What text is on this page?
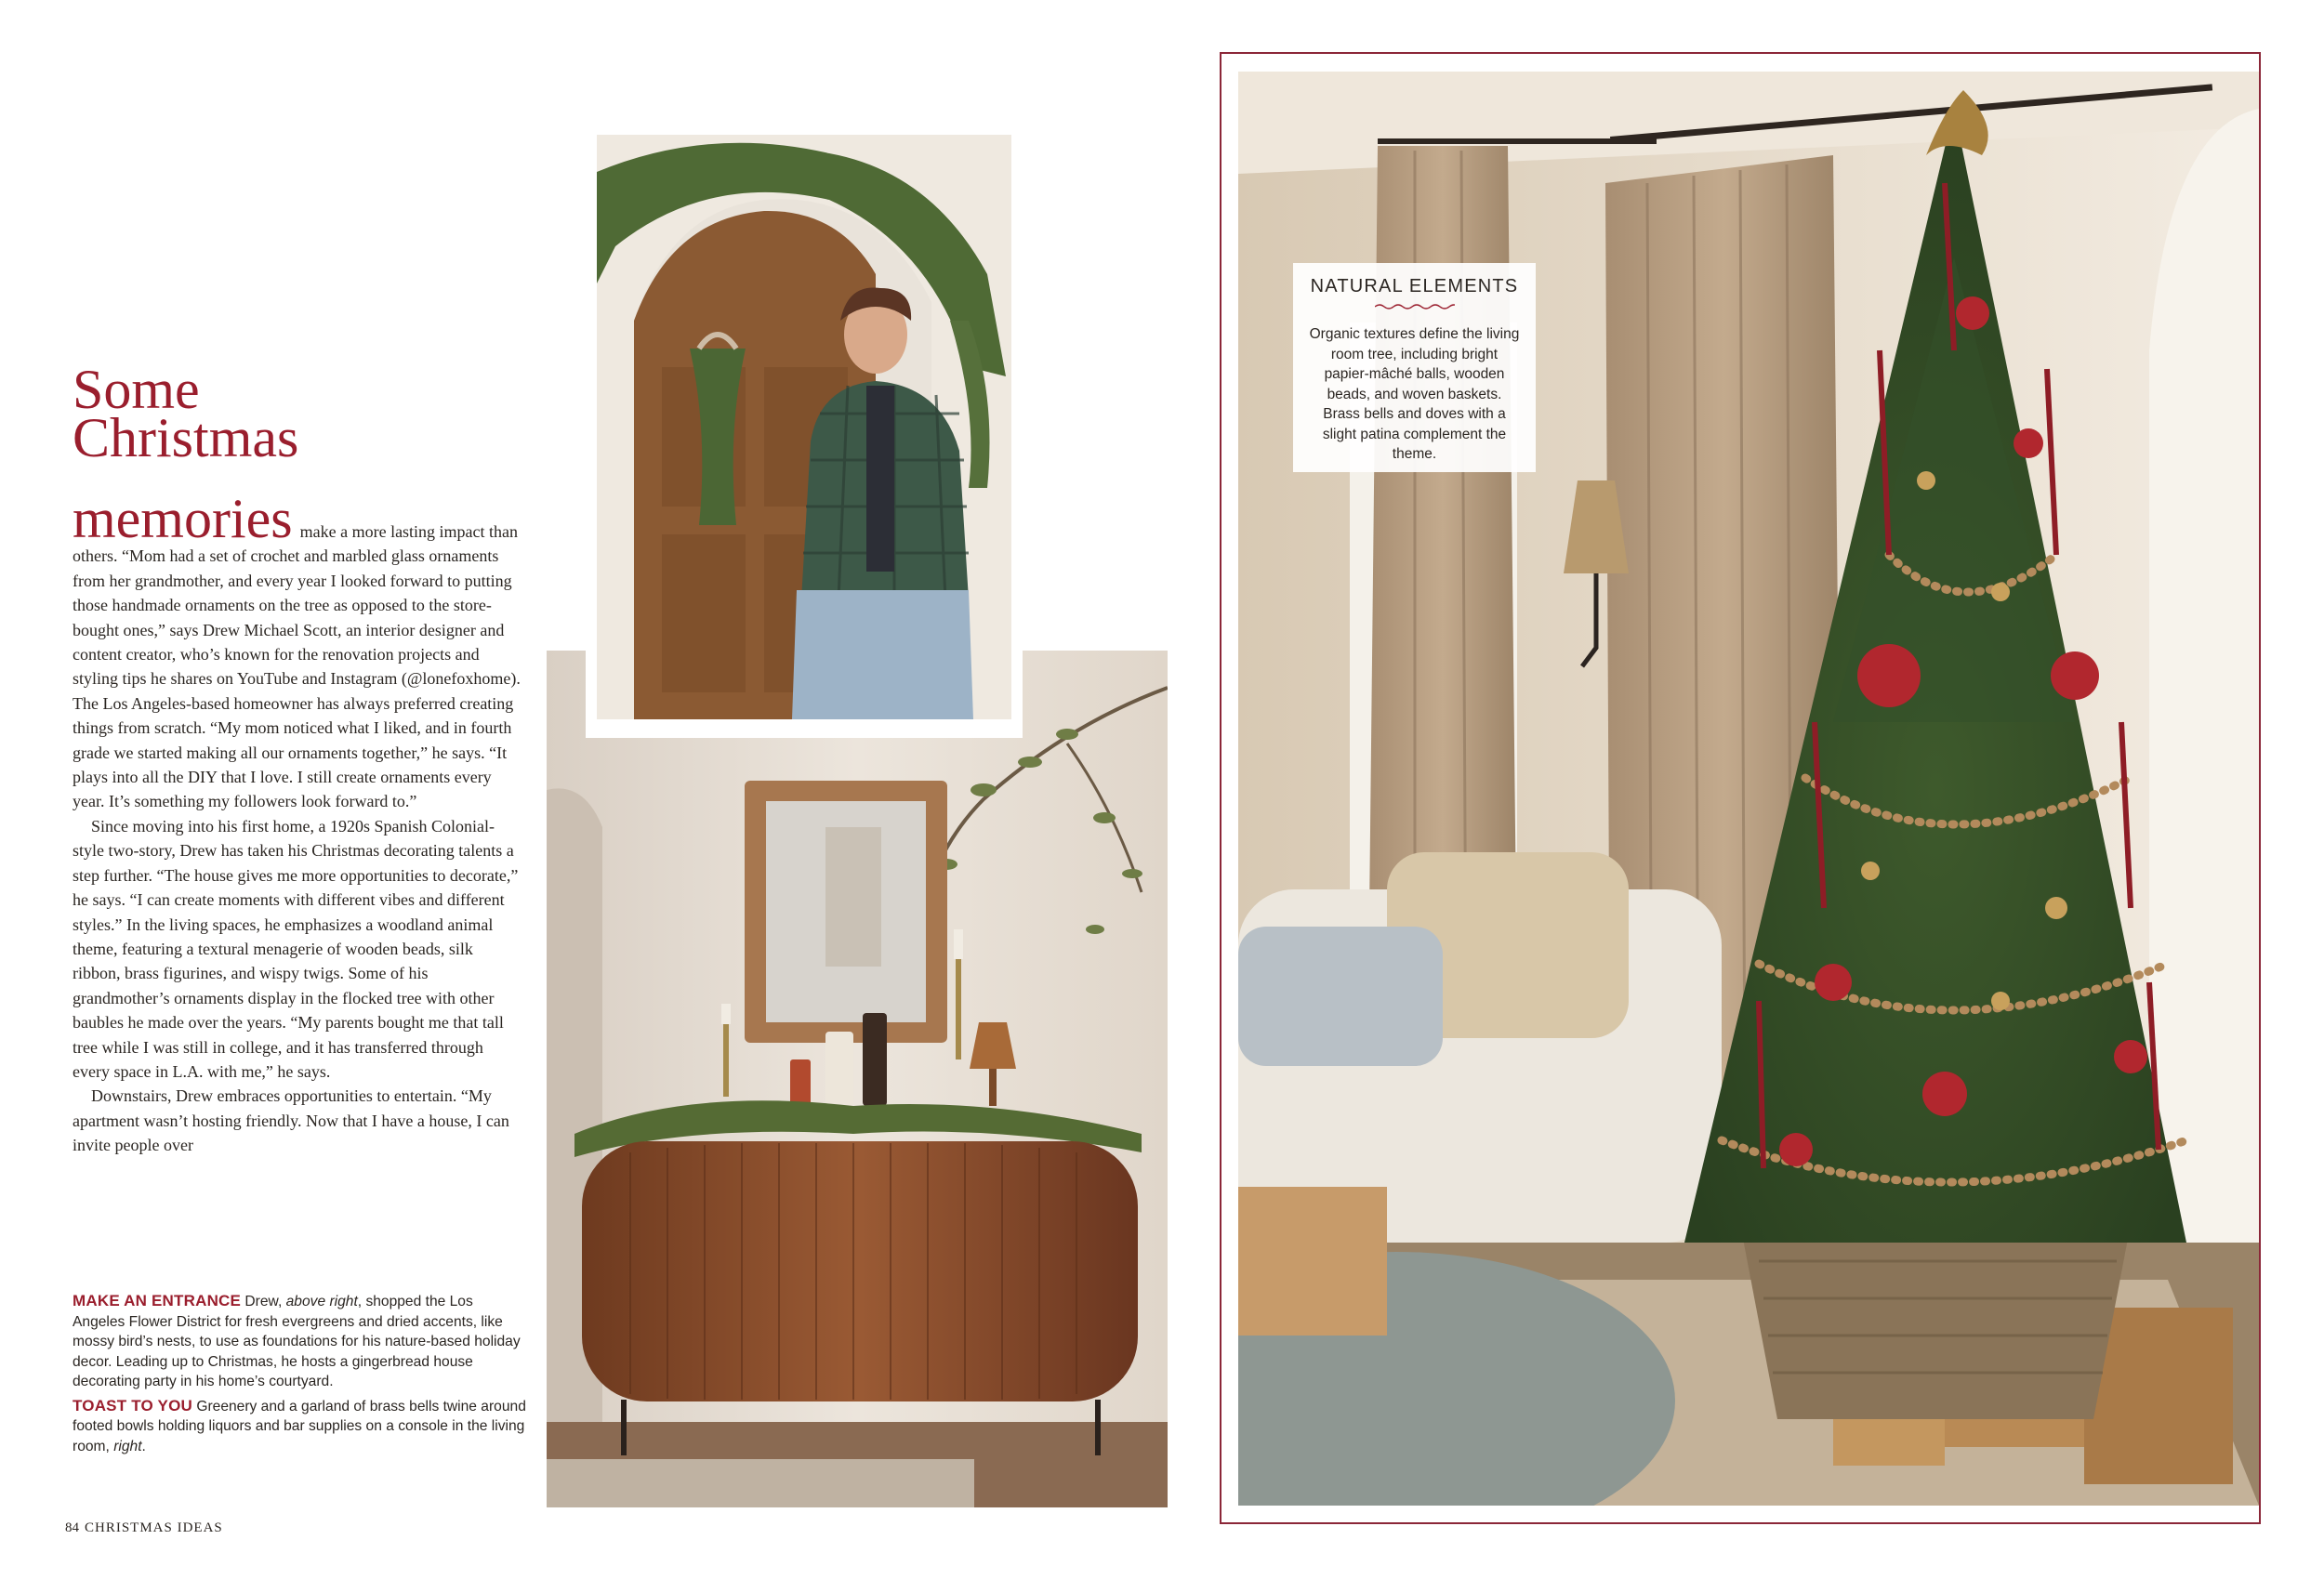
Some
Christmas

memories make a more lasting impact than others. “Mom had a set of crochet and marbled glass ornaments from her grandmother, and every year I looked forward to putting those handmade ornaments on the tree as opposed to the store-bought ones,” says Drew Michael Scott, an interior designer and content creator, who’s known for the renovation projects and styling tips he shares on YouTube and Instagram (@lonefoxhome). The Los Angeles-based homeowner has always preferred creating things from scratch. “My mom noticed what I liked, and in fourth grade we started making all our ornaments together,” he says. “It plays into all the DIY that I love. I still create ornaments every year. It’s something my followers look forward to.”

Since moving into his first home, a 1920s Spanish Colonial-style two-story, Drew has taken his Christmas decorating talents a step further. “The house gives me more opportunities to decorate,” he says. “I can create moments with different vibes and different styles.” In the living spaces, he emphasizes a woodland animal theme, featuring a textural menagerie of wooden beads, silk ribbon, brass figurines, and wispy twigs. Some of his grandmother’s ornaments display in the flocked tree with other baubles he made over the years. “My parents bought me that tall tree while I was still in college, and it has transferred through every space in L.A. with me,” he says.

Downstairs, Drew embraces opportunities to entertain. “My apartment wasn’t hosting friendly. Now that I have a house, I can invite people over

MAKE AN ENTRANCE Drew, above right, shopped the Los Angeles Flower District for fresh evergreens and dried accents, like mossy bird’s nests, to use as foundations for his nature-based holiday decor. Leading up to Christmas, he hosts a gingerbread house decorating party in his home’s courtyard.

TOAST TO YOU Greenery and a garland of brass bells twine around footed bowls holding liquors and bar supplies on a console in the living room, right.

84 CHRISTMAS IDEAS

NATURAL ELEMENTS

Organic textures define the living room tree, including bright papier-mâché balls, wooden beads, and woven baskets. Brass bells and doves with a slight patina complement the theme.
